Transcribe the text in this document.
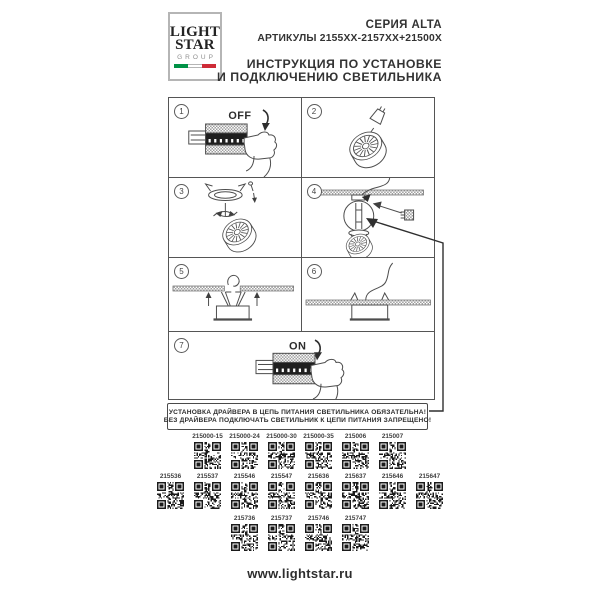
LIGHT
STAR
GROUP
СЕРИЯ ALTA
АРТИКУЛЫ 2155ХХ-2157ХХ+21500Х
ИНСТРУКЦИЯ ПО УСТАНОВКЕ
И ПОДКЛЮЧЕНИЮ СВЕТИЛЬНИКА
1	OFF	2
3	4
5	6
7	ON
УСТАНОВКА ДРАЙВЕРА В ЦЕПЬ ПИТАНИЯ СВЕТИЛЬНИКА ОБЯЗАТЕЛЬНА!
БЕЗ ДРАЙВЕРА ПОДКЛЮЧАТЬ СВЕТИЛЬНИК К ЦЕПИ ПИТАНИЯ ЗАПРЕЩЕНО!
215000-15 215000-24 215000-30 215000-35 215006 215007
215536 215537 215546 215547 215636 215637 215646 215647
215736 215737 215746 215747
www.lightstar.ru
